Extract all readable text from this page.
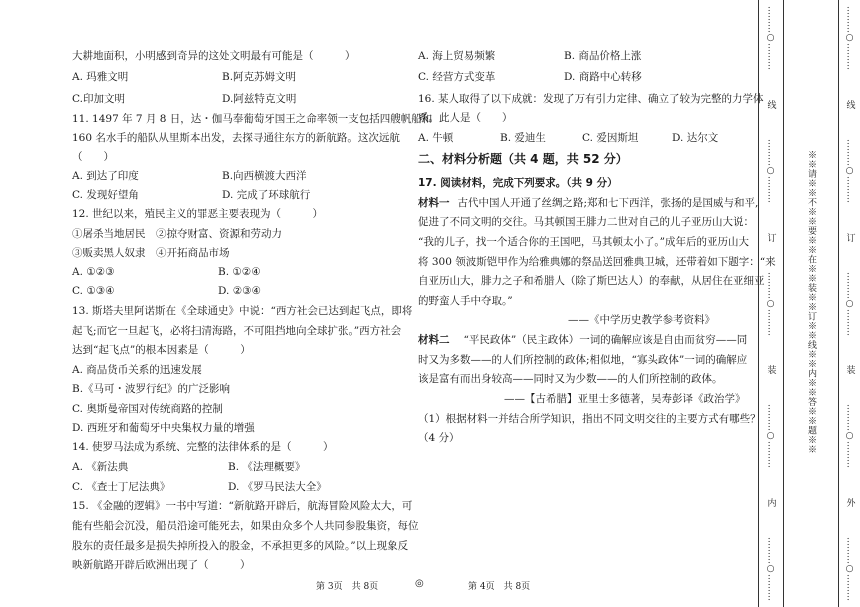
大耕地面积，小明感到奇异的这处文明最有可能是（　　　）
A. 玛雅文明	B.阿克苏姆文明
C.印加文明	D.阿兹特克文明
11. 1497 年 7 月 8 日，达・伽马奉葡萄牙国王之命率领一支包括四艘帆船和
160 名水手的船队从里斯本出发，去探寻通往东方的新航路。这次远航
（　　）
A. 到达了印度	B.向西横渡大西洋
C. 发现好望角	D. 完成了环球航行
12. 世纪以来，殖民主义的罪恶主要表现为（　　　）
①屠杀当地居民　②掠夺财富、资源和劳动力
③贩卖黑人奴隶　④开拓商品市场
A. ①②③	B. ①②④
C. ①③④	D. ②③④
13. 斯塔夫里阿诺斯在《全球通史》中说：“西方社会已达到起飞点，即将
起飞;而它一旦起飞，必将扫清海路，不可阻挡地向全球扩张。”西方社会
达到“起飞点”的根本因素是（　　　）
A. 商品货币关系的迅速发展
B.《马可・波罗行纪》的广泛影响
C. 奥斯曼帝国对传统商路的控制
D. 西班牙和葡萄牙中央集权力量的增强
14. 使罗马法成为系统、完整的法律体系的是（　　　）
A. 《新法典	B. 《法理概要》
C. 《查士丁尼法典》	D. 《罗马民法大全》
15. 《金融的逻辑》一书中写道：“新航路开辟后，航海冒险风险太大，可
能有些船会沉没，船员沿途可能死去，如果由众多个人共同参股集资，每位
股东的责任最多是损失掉所投入的股金，不承担更多的风险。”以上现象反
映新航路开辟后欧洲出现了（　　　）
第 3页　共 8页	◎	第 4页　共 8页
A. 海上贸易频繁	B. 商品价格上涨
C. 经营方式变革	D. 商路中心转移
16. 某人取得了以下成就：发现了万有引力定律、确立了较为完整的力学体
系。此人是（　　）
A. 牛顿	B. 爱迪生	C. 爱因斯坦	D. 达尔文
二、材料分析题（共 4 题，共 52 分）
17. 阅读材料，完成下列要求。（共 9 分）
材料一 古代中国人开通了丝绸之路;郑和七下西洋，张扬的是国威与和平,
促进了不同文明的交往。马其顿国王腓力二世对自己的儿子亚历山大说：
“我的儿子，找一个适合你的王国吧，马其顿太小了。”成年后的亚历山大
将 300 领波斯铠甲作为给雅典娜的祭品送回雅典卫城，还带着如下题字：“来
自亚历山大，腓力之子和希腊人（除了斯巴达人）的奉献，从居住在亚细亚
的野蛮人手中夺取。”
——《中学历史教学参考资料》
材料二 “平民政体”（民主政体）一词的确解应该是自由而贫穷——同
时又为多数——的人们所控制的政体;相似地，“寡头政体”一词的确解应
该是富有而出身较高——同时又为少数——的人们所控制的政体。
——【古希腊】亚里士多德著，吴寿彭译《政治学》
（1）根据材料一并结合所学知识，指出不同文明交往的主要方式有哪些？
（4 分）
………○………
线
………○………
订
………○………
装
………○………
内
………○………
※※请※※不※※要※※在※※装※※订※※线※※内※※答※※题※※
………○………
线
………○………
订
………○………
装
………○………
外
………○………
